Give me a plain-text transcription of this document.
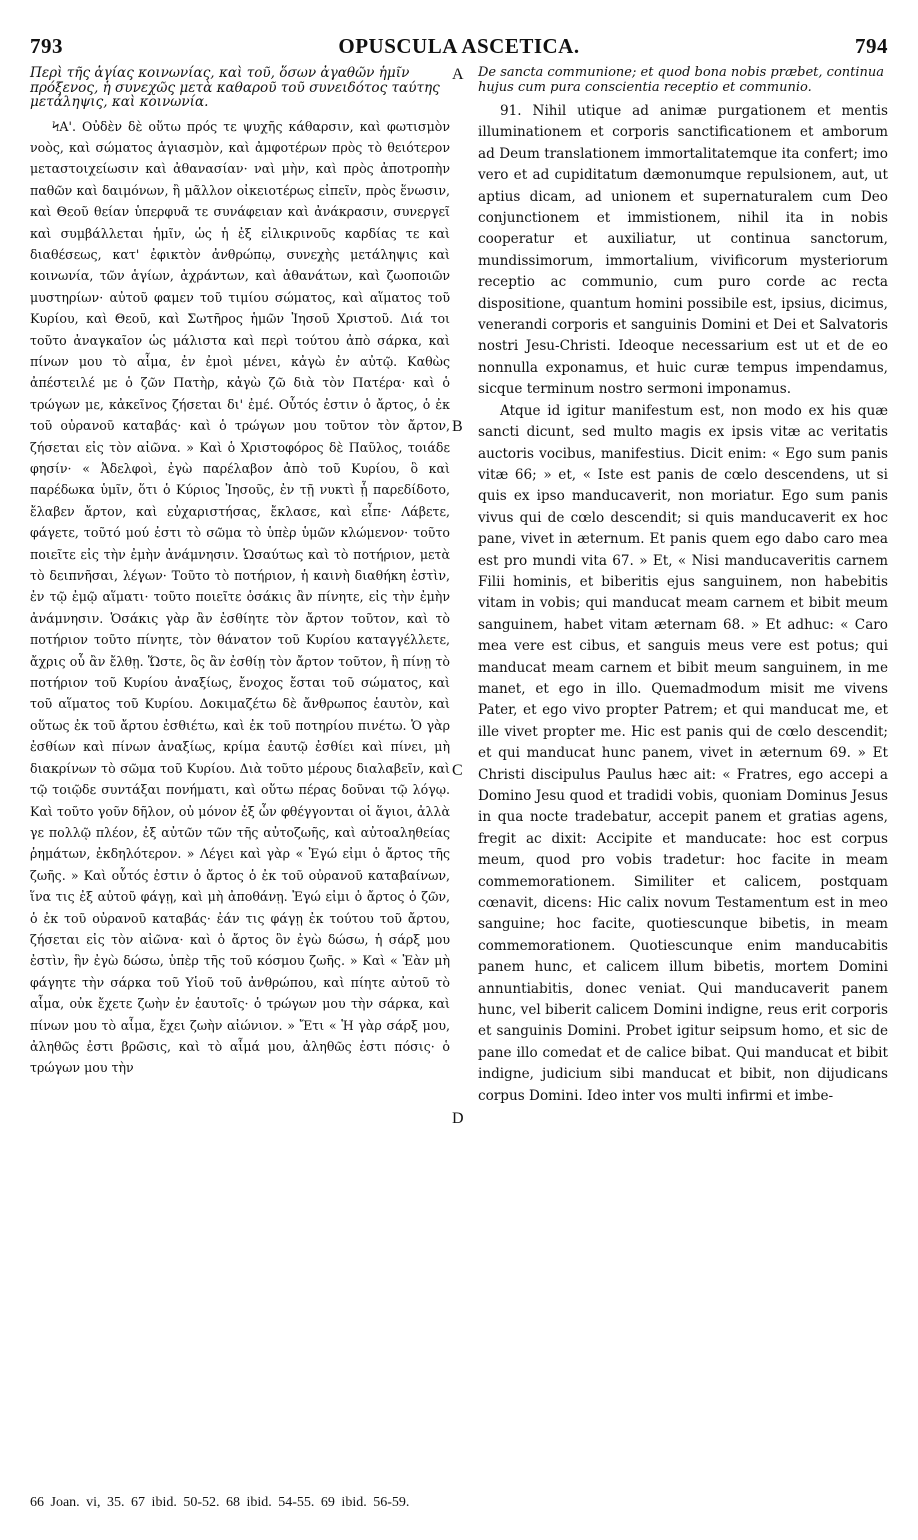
793	OPUSCULA ASCETICA.	794

Περὶ τῆς ἁγίας κοινωνίας, καὶ τοῦ, ὅσων ἀγαθῶν ἡμῖν πρόξενος, ἡ συνεχῶς μετὰ καθαροῦ τοῦ συνειδότος ταύτης μετάληψις, καὶ κοινωνία.

ϞΑ'. Οὐδὲν δὲ οὕτω πρός τε ψυχῆς κάθαρσιν, καὶ φωτισμὸν νοὸς, καὶ σώματος ἁγιασμὸν, καὶ ἀμφοτέρων πρὸς τὸ θειότερον μεταστοιχείωσιν καὶ ἀθανασίαν· ναὶ μὴν, καὶ πρὸς ἀποτροπὴν παθῶν καὶ δαιμόνων, ἢ μᾶλλον οἰκειοτέρως εἰπεῖν, πρὸς ἕνωσιν, καὶ Θεοῦ θείαν ὑπερφυᾶ τε συνάφειαν καὶ ἀνάκρασιν, συνεργεῖ καὶ συμβάλλεται ἡμῖν, ὡς ἡ ἐξ εἰλικρινοῦς καρδίας τε καὶ διαθέσεως, κατ' ἐφικτὸν ἀνθρώπῳ, συνεχὴς μετάληψις καὶ κοινωνία, τῶν ἁγίων, ἀχράντων, καὶ ἀθανάτων, καὶ ζωοποιῶν μυστηρίων· αὐτοῦ φαμεν τοῦ τιμίου σώματος, καὶ αἵματος τοῦ Κυρίου, καὶ Θεοῦ, καὶ Σωτῆρος ἡμῶν Ἰησοῦ Χριστοῦ. Διά τοι τοῦτο ἀναγκαῖον ὡς μάλιστα καὶ περὶ τούτου ἀπὸ σάρκα, καὶ πίνων μου τὸ αἷμα, ἐν ἐμοὶ μένει, κἀγὼ ἐν αὐτῷ. Καθὼς ἀπέστειλέ με ὁ ζῶν Πατὴρ, κἀγὼ ζῶ διὰ τὸν Πατέρα· καὶ ὁ τρώγων με, κἀκεῖνος ζήσεται δι' ἐμέ. Οὗτός ἐστιν ὁ ἄρτος, ὁ ἐκ τοῦ οὐρανοῦ καταβάς· καὶ ὁ τρώγων μου τοῦτον τὸν ἄρτον, ζήσεται εἰς τὸν αἰῶνα. » Καὶ ὁ Χριστοφόρος δὲ Παῦλος, τοιάδε φησίν· « Ἀδελφοὶ, ἐγὼ παρέλαβον ἀπὸ τοῦ Κυρίου, ὃ καὶ παρέδωκα ὑμῖν, ὅτι ὁ Κύριος Ἰησοῦς, ἐν τῇ νυκτὶ ᾗ παρεδίδοτο, ἔλαβεν ἄρτον, καὶ εὐχαριστήσας, ἔκλασε, καὶ εἶπε· Λάβετε, φάγετε, τοῦτό μού ἐστι τὸ σῶμα τὸ ὑπὲρ ὑμῶν κλώμενον· τοῦτο ποιεῖτε εἰς τὴν ἐμὴν ἀνάμνησιν. Ὡσαύτως καὶ τὸ ποτήριον, μετὰ τὸ δειπνῆσαι, λέγων· Τοῦτο τὸ ποτήριον, ἡ καινὴ διαθήκη ἐστὶν, ἐν τῷ ἐμῷ αἵματι· τοῦτο ποιεῖτε ὁσάκις ἂν πίνητε, εἰς τὴν ἐμὴν ἀνάμνησιν. Ὁσάκις γὰρ ἂν ἐσθίητε τὸν ἄρτον τοῦτον, καὶ τὸ ποτήριον τοῦτο πίνητε, τὸν θάνατον τοῦ Κυρίου καταγγέλλετε, ἄχρις οὗ ἂν ἔλθῃ. Ὥστε, ὃς ἂν ἐσθίῃ τὸν ἄρτον τοῦτον, ἢ πίνῃ τὸ ποτήριον τοῦ Κυρίου ἀναξίως, ἔνοχος ἔσται τοῦ σώματος, καὶ τοῦ αἵματος τοῦ Κυρίου. Δοκιμαζέτω δὲ ἄνθρωπος ἑαυτὸν, καὶ οὕτως ἐκ τοῦ ἄρτου ἐσθιέτω, καὶ ἐκ τοῦ ποτηρίου πινέτω. Ὁ γὰρ ἐσθίων καὶ πίνων ἀναξίως, κρίμα ἑαυτῷ ἐσθίει καὶ πίνει, μὴ διακρίνων τὸ σῶμα τοῦ Κυρίου. Διὰ τοῦτο μέρους διαλαβεῖν, καὶ τῷ τοιῷδε συντάξαι πονήματι, καὶ οὕτω πέρας δοῦναι τῷ λόγῳ. Καὶ τοῦτο γοῦν δῆλον, οὐ μόνον ἐξ ὧν φθέγγονται οἱ ἅγιοι, ἀλλὰ γε πολλῷ πλέον, ἐξ αὐτῶν τῶν τῆς αὐτοζωῆς, καὶ αὐτοαληθείας ῥημάτων, ἐκδηλότερον. » Λέγει καὶ γὰρ « Ἐγώ εἰμι ὁ ἄρτος τῆς ζωῆς. » Καὶ οὗτός ἐστιν ὁ ἄρτος ὁ ἐκ τοῦ οὐρανοῦ καταβαίνων, ἵνα τις ἐξ αὐτοῦ φάγῃ, καὶ μὴ ἀποθάνῃ. Ἐγώ εἰμι ὁ ἄρτος ὁ ζῶν, ὁ ἐκ τοῦ οὐρανοῦ καταβάς· ἐάν τις φάγῃ ἐκ τούτου τοῦ ἄρτου, ζήσεται εἰς τὸν αἰῶνα· καὶ ὁ ἄρτος ὃν ἐγὼ δώσω, ἡ σάρξ μου ἐστὶν, ἣν ἐγὼ δώσω, ὑπὲρ τῆς τοῦ κόσμου ζωῆς. » Καὶ « Ἐὰν μὴ φάγητε τὴν σάρκα τοῦ Υἱοῦ τοῦ ἀνθρώπου, καὶ πίητε αὐτοῦ τὸ αἷμα, οὐκ ἔχετε ζωὴν ἐν ἑαυτοῖς· ὁ τρώγων μου τὴν σάρκα, καὶ πίνων μου τὸ αἷμα, ἔχει ζωὴν αἰώνιον. » Ἔτι « Ἡ γὰρ σάρξ μου, ἀληθῶς ἐστι βρῶσις, καὶ τὸ αἷμά μου, ἀληθῶς ἐστι πόσις· ὁ τρώγων μου τὴν

A
B
C
D

De sancta communione; et quod bona nobis præbet, continua hujus cum pura conscientia receptio et communio.

91. Nihil utique ad animæ purgationem et mentis illuminationem et corporis sanctificationem et amborum ad Deum translationem immortalitatemque ita confert; imo vero et ad cupiditatum dæmonumque repulsionem, aut, ut aptius dicam, ad unionem et supernaturalem cum Deo conjunctionem et immistionem, nihil ita in nobis cooperatur et auxiliatur, ut continua sanctorum, mundissimorum, immortalium, vivificorum mysteriorum receptio ac communio, cum puro corde ac recta dispositione, quantum homini possibile est, ipsius, dicimus, venerandi corporis et sanguinis Domini et Dei et Salvatoris nostri Jesu-Christi. Ideoque necessarium est ut et de eo nonnulla exponamus, et huic curæ tempus impendamus, sicque terminum nostro sermoni imponamus.

Atque id igitur manifestum est, non modo ex his quæ sancti dicunt, sed multo magis ex ipsis vitæ ac veritatis auctoris vocibus, manifestius. Dicit enim: « Ego sum panis vitæ 66; » et, « Iste est panis de cœlo descendens, ut si quis ex ipso manducaverit, non moriatur. Ego sum panis vivus qui de cœlo descendit; si quis manducaverit ex hoc pane, vivet in æternum. Et panis quem ego dabo caro mea est pro mundi vita 67. » Et, « Nisi manducaveritis carnem Filii hominis, et biberitis ejus sanguinem, non habebitis vitam in vobis; qui manducat meam carnem et bibit meum sanguinem, habet vitam æternam 68. » Et adhuc: « Caro mea vere est cibus, et sanguis meus vere est potus; qui manducat meam carnem et bibit meum sanguinem, in me manet, et ego in illo. Quemadmodum misit me vivens Pater, et ego vivo propter Patrem; et qui manducat me, et ille vivet propter me. Hic est panis qui de cœlo descendit; et qui manducat hunc panem, vivet in æternum 69. » Et Christi discipulus Paulus hæc ait: « Fratres, ego accepi a Domino Jesu quod et tradidi vobis, quoniam Dominus Jesus in qua nocte tradebatur, accepit panem et gratias agens, fregit ac dixit: Accipite et manducate: hoc est corpus meum, quod pro vobis tradetur: hoc facite in meam commemorationem. Similiter et calicem, postquam cœnavit, dicens: Hic calix novum Testamentum est in meo sanguine; hoc facite, quotiescunque bibetis, in meam commemorationem. Quotiescunque enim manducabitis panem hunc, et calicem illum bibetis, mortem Domini annuntiabitis, donec veniat. Qui manducaverit panem hunc, vel biberit calicem Domini indigne, reus erit corporis et sanguinis Domini. Probet igitur seipsum homo, et sic de pane illo comedat et de calice bibat. Qui manducat et bibit indigne, judicium sibi manducat et bibit, non dijudicans corpus Domini. Ideo inter vos multi infirmi et imbe-

66 Joan. vi, 35. 67 ibid. 50-52. 68 ibid. 54-55. 69 ibid. 56-59.
